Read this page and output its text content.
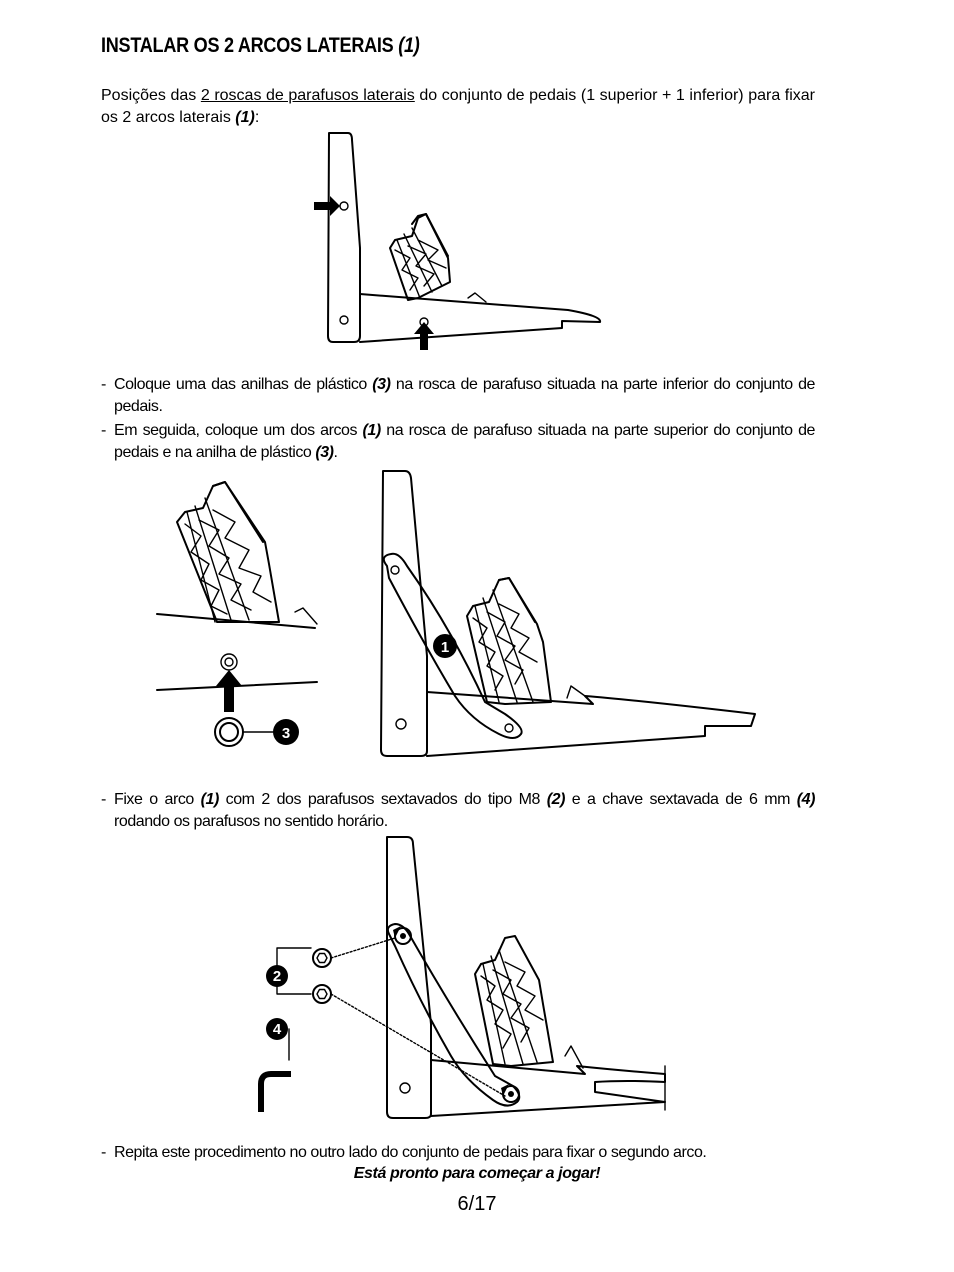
INSTALAR OS 2 ARCOS LATERAIS (1)
Posições das 2 roscas de parafusos laterais do conjunto de pedais (1 superior + 1 inferior) para fixar os 2 arcos laterais (1):
- Coloque uma das anilhas de plástico (3) na rosca de parafuso situada na parte inferior do conjunto de pedais.
- Em seguida, coloque um dos arcos (1) na rosca de parafuso situada na parte superior do conjunto de pedais e na anilha de plástico (3).
3
1
- Fixe o arco (1) com 2 dos parafusos sextavados do tipo M8 (2) e a chave sextavada de 6 mm (4) rodando os parafusos no sentido horário.
2
4
- Repita este procedimento no outro lado do conjunto de pedais para fixar o segundo arco.
Está pronto para começar a jogar!
6/17
